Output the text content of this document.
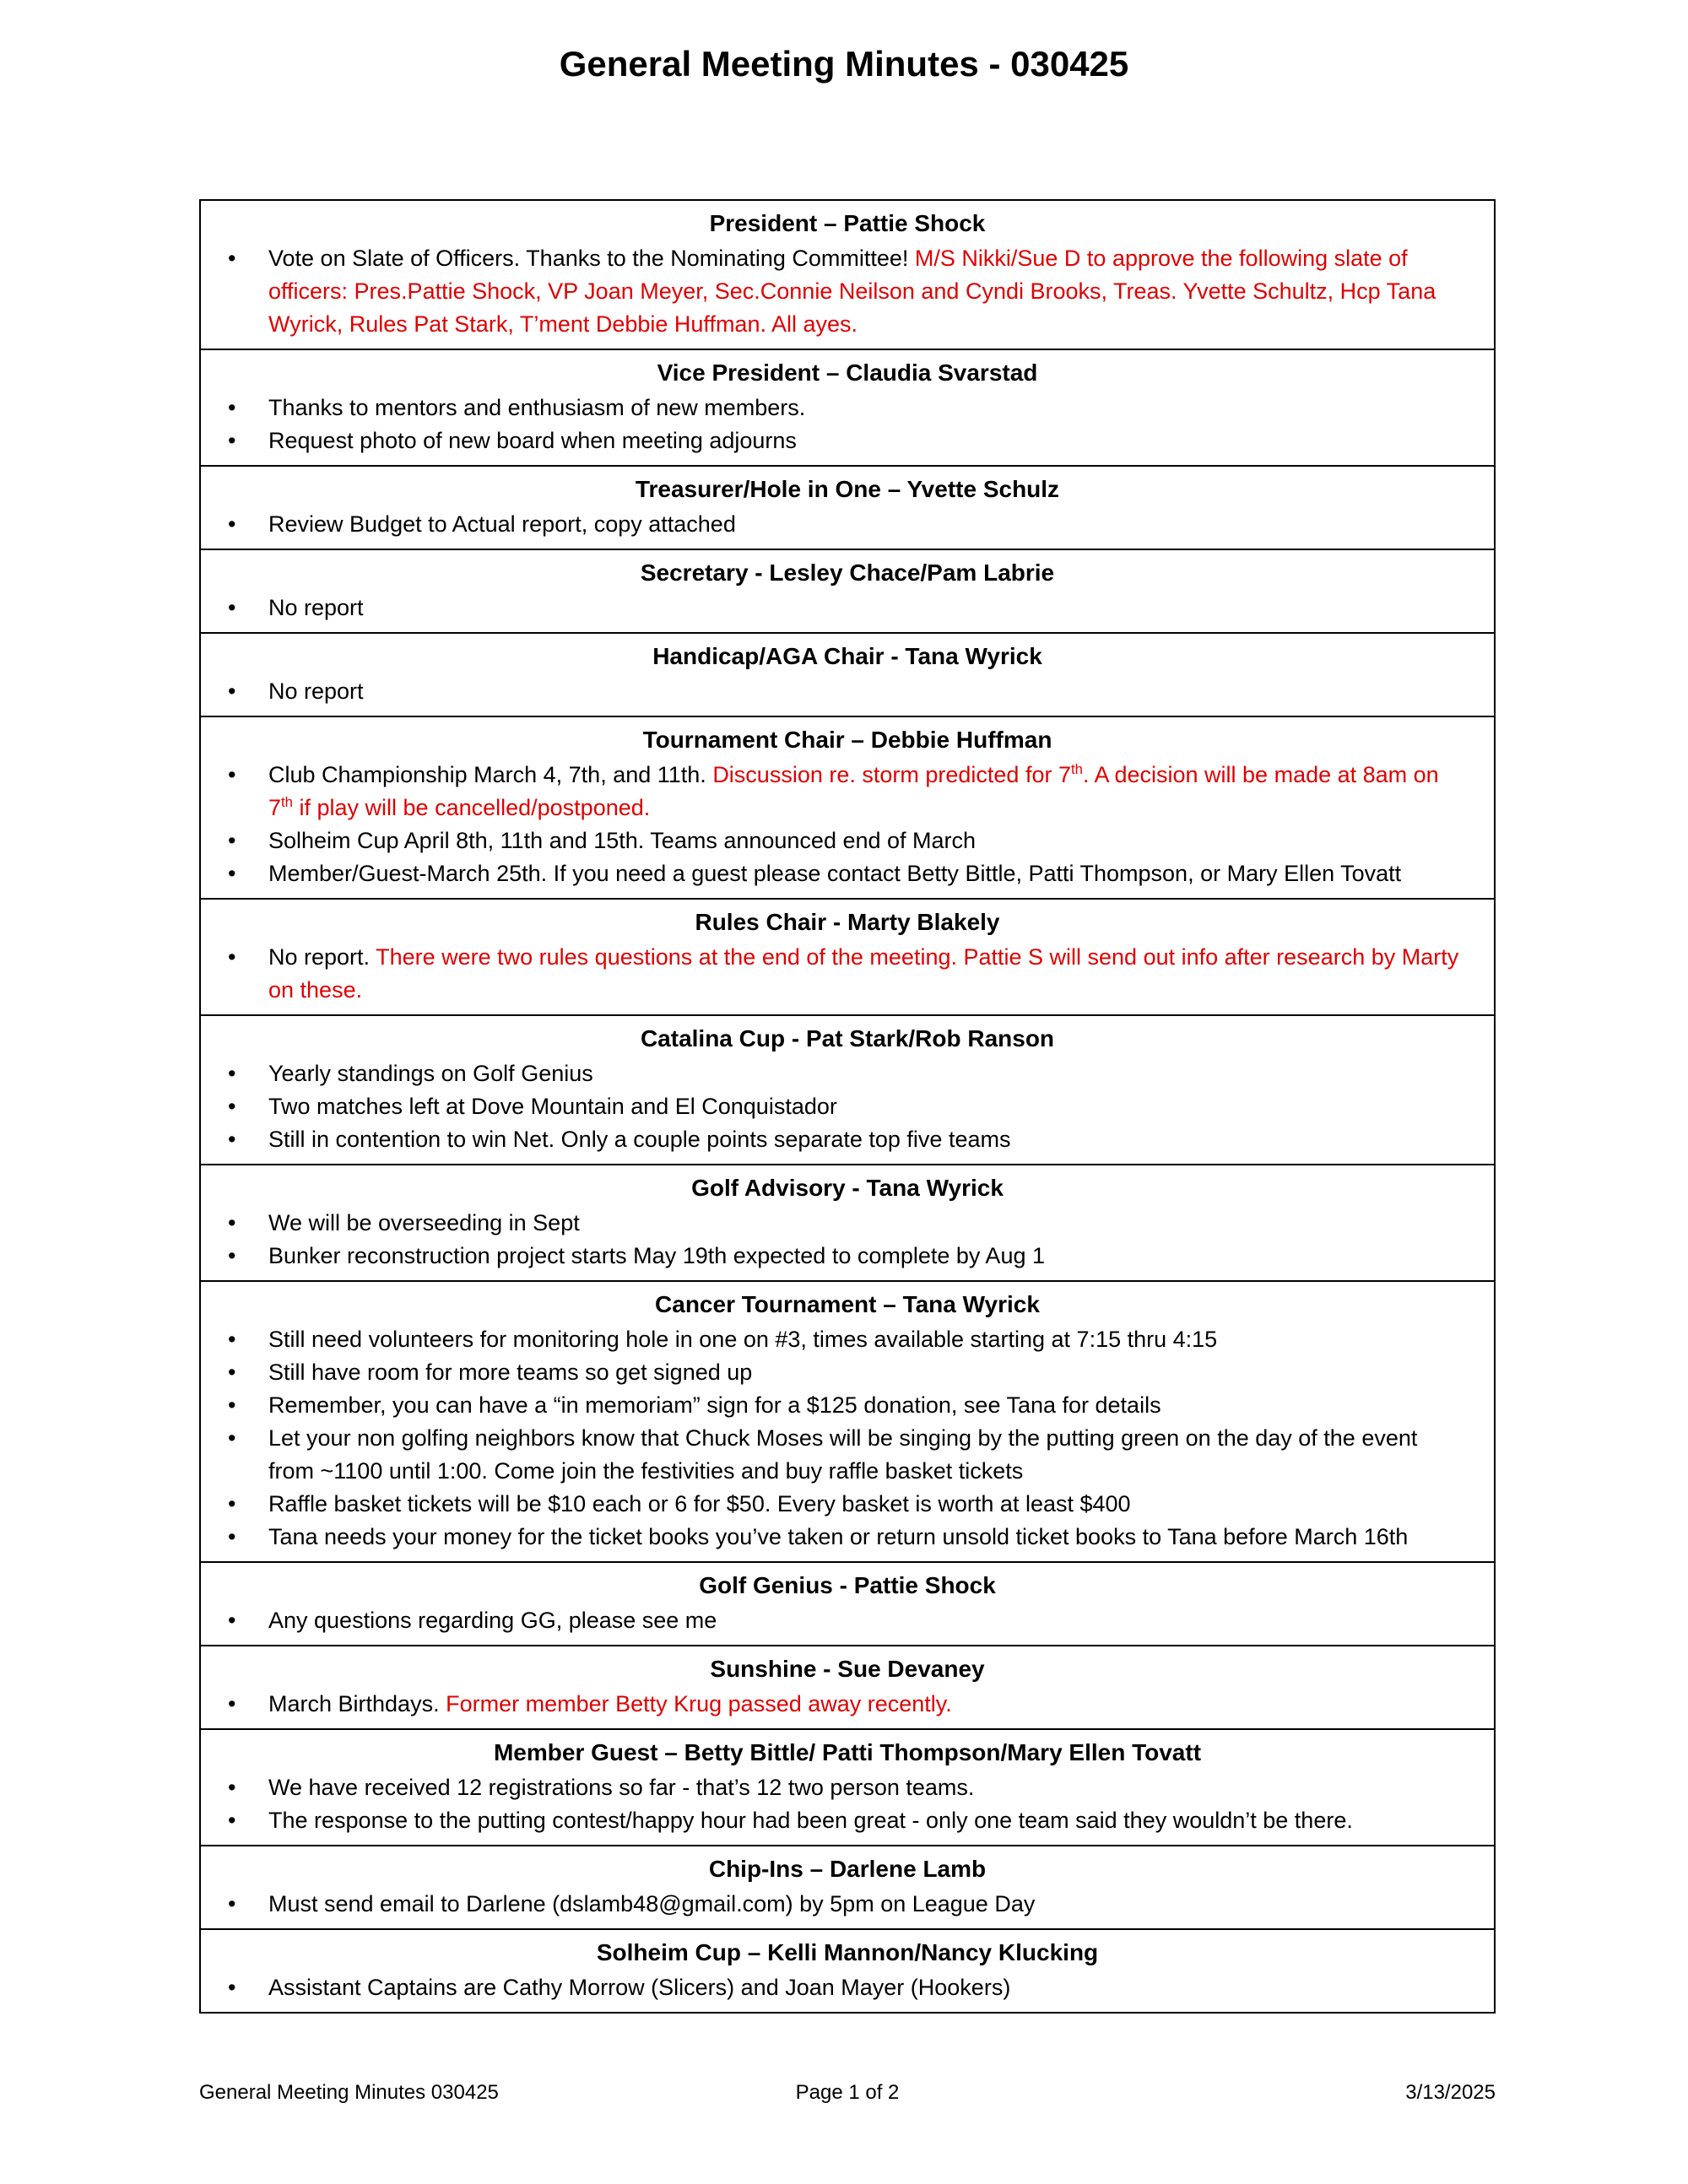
General Meeting Minutes - 030425
President – Pattie Shock
• Vote on Slate of Officers. Thanks to the Nominating Committee! M/S Nikki/Sue D to approve the following slate of officers: Pres.Pattie Shock, VP Joan Meyer, Sec.Connie Neilson and Cyndi Brooks, Treas. Yvette Schultz, Hcp Tana Wyrick, Rules Pat Stark, T’ment Debbie Huffman. All ayes.
Vice President – Claudia Svarstad
• Thanks to mentors and enthusiasm of new members.
• Request photo of new board when meeting adjourns
Treasurer/Hole in One – Yvette Schulz
• Review Budget to Actual report, copy attached
Secretary - Lesley Chace/Pam Labrie
• No report
Handicap/AGA Chair - Tana Wyrick
• No report
Tournament Chair – Debbie Huffman
• Club Championship March 4, 7th, and 11th. Discussion re. storm predicted for 7th. A decision will be made at 8am on 7th if play will be cancelled/postponed.
• Solheim Cup April 8th, 11th and 15th. Teams announced end of March
• Member/Guest-March 25th. If you need a guest please contact Betty Bittle, Patti Thompson, or Mary Ellen Tovatt
Rules Chair - Marty Blakely
• No report. There were two rules questions at the end of the meeting. Pattie S will send out info after research by Marty on these.
Catalina Cup - Pat Stark/Rob Ranson
• Yearly standings on Golf Genius
• Two matches left at Dove Mountain and El Conquistador
• Still in contention to win Net. Only a couple points separate top five teams
Golf Advisory - Tana Wyrick
• We will be overseeding in Sept
• Bunker reconstruction project starts May 19th expected to complete by Aug 1
Cancer Tournament – Tana Wyrick
• Still need volunteers for monitoring hole in one on #3, times available starting at 7:15 thru 4:15
• Still have room for more teams so get signed up
• Remember, you can have a “in memoriam” sign for a $125 donation, see Tana for details
• Let your non golfing neighbors know that Chuck Moses will be singing by the putting green on the day of the event from ~1100 until 1:00. Come join the festivities and buy raffle basket tickets
• Raffle basket tickets will be $10 each or 6 for $50. Every basket is worth at least $400
• Tana needs your money for the ticket books you’ve taken or return unsold ticket books to Tana before March 16th
Golf Genius - Pattie Shock
• Any questions regarding GG, please see me
Sunshine - Sue Devaney
• March Birthdays. Former member Betty Krug passed away recently.
Member Guest – Betty Bittle/ Patti Thompson/Mary Ellen Tovatt
• We have received 12 registrations so far - that’s 12 two person teams.
• The response to the putting contest/happy hour had been great - only one team said they wouldn’t be there.
Chip-Ins – Darlene Lamb
• Must send email to Darlene (dslamb48@gmail.com) by 5pm on League Day
Solheim Cup – Kelli Mannon/Nancy Klucking
• Assistant Captains are Cathy Morrow (Slicers) and Joan Mayer (Hookers)
General Meeting Minutes 030425	Page 1 of 2	3/13/2025
